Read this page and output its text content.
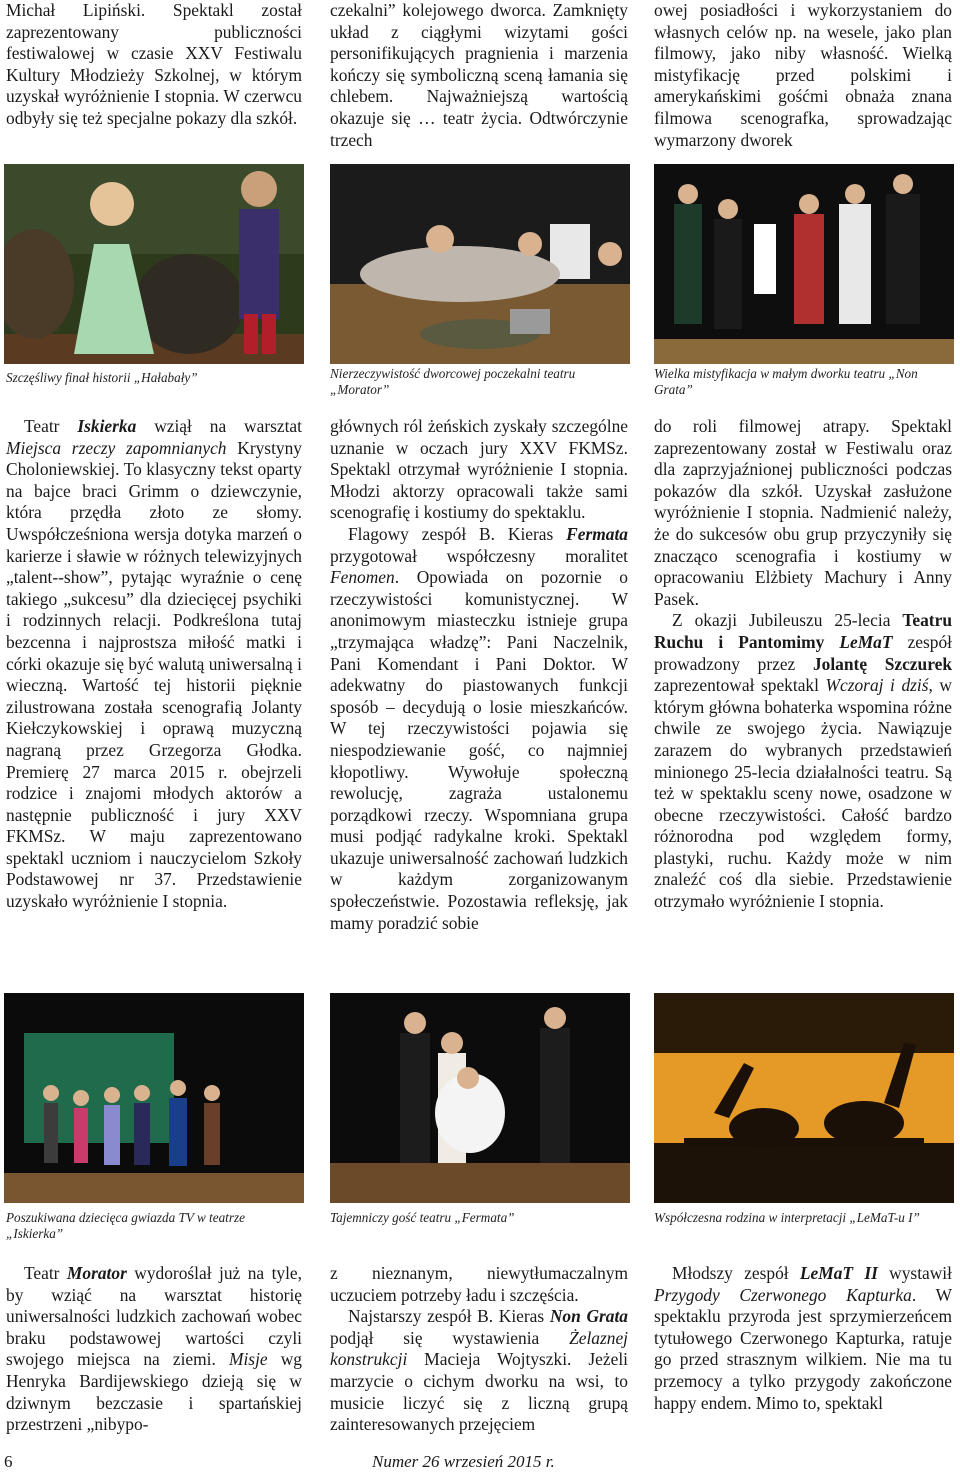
Michał Lipiński. Spektakl został zaprezentowany publiczności festiwalowej w czasie XXV Festiwalu Kultury Młodzieży Szkolnej, w którym uzyskał wyróżnienie I stopnia. W czerwcu odbyły się też specjalne pokazy dla szkół.

czekalni” kolejowego dworca. Zamknięty układ z ciągłymi wizytami gości personifikujących pragnienia i marzenia kończy się symboliczną sceną łamania się chlebem. Najważniejszą wartością okazuje się … teatr życia. Odtwórczynie trzech

owej posiadłości i wykorzystaniem do własnych celów np. na wesele, jako plan filmowy, jako niby własność. Wielką mistyfikację przed polskimi i amerykańskimi gośćmi obnaża znana filmowa scenografka, sprowadzając wymarzony dworek

Szczęśliwy finał historii „Hałabały”	Nierzeczywistość dworcowej poczekalni teatru „Morator”
Wielka mistyfikacja w małym dworku teatru „Non Grata”

Teatr Iskierka wziął na warsztat Miejsca rzeczy zapomnianych Krystyny Choloniewskiej. To klasyczny tekst oparty na bajce braci Grimm o dziewczynie, która przędła złoto ze słomy. Uwspółcześniona wersja dotyka marzeń o karierze i sławie w różnych telewizyjnych „talent--show”, pytając wyraźnie o cenę takiego „sukcesu” dla dziecięcej psychiki i rodzinnych relacji. Podkreślona tutaj bezcenna i najprostsza miłość matki i córki okazuje się być walutą uniwersalną i wieczną. Wartość tej historii pięknie zilustrowana została scenografią Jolanty Kiełczykowskiej i oprawą muzyczną nagraną przez Grzegorza Głodka. Premierę 27 marca 2015 r. obejrzeli rodzice i znajomi młodych aktorów a następnie publiczność i jury XXV FKMSz. W maju zaprezentowano spektakl uczniom i nauczycielom Szkoły Podstawowej nr 37. Przedstawienie uzyskało wyróżnienie I stopnia.

głównych ról żeńskich zyskały szczególne uznanie w oczach jury XXV FKMSz. Spektakl otrzymał wyróżnienie I stopnia. Młodzi aktorzy opracowali także sami scenografię i kostiumy do spektaklu.

Flagowy zespół B. Kieras Fermata przygotował współczesny moralitet Fenomen. Opowiada on pozornie o rzeczywistości komunistycznej. W anonimowym miasteczku istnieje grupa „trzymająca władzę”: Pani Naczelnik, Pani Komendant i Pani Doktor. W adekwatny do piastowanych funkcji sposób – decydują o losie mieszkańców. W tej rzeczywistości pojawia się niespodziewanie gość, co najmniej kłopotliwy. Wywołuje społeczną rewolucję, zagraża ustalonemu porządkowi rzeczy. Wspomniana grupa musi podjąć radykalne kroki. Spektakl ukazuje uniwersalność zachowań ludzkich w każdym zorganizowanym społeczeństwie. Pozostawia refleksję, jak mamy poradzić sobie

do roli filmowej atrapy. Spektakl zaprezentowany został w Festiwalu oraz dla zaprzyjaźnionej publiczności podczas pokazów dla szkół. Uzyskał zasłużone wyróżnienie I stopnia. Nadmienić należy, że do sukcesów obu grup przyczyniły się znacząco scenografia i kostiumy w opracowaniu Elżbiety Machury i Anny Pasek.

Z okazji Jubileuszu 25-lecia Teatru Ruchu i Pantomimy LeMaT zespół prowadzony przez Jolantę Szczurek zaprezentował spektakl Wczoraj i dziś, w którym główna bohaterka wspomina różne chwile ze swojego życia. Nawiązuje zarazem do wybranych przedstawień minionego 25-lecia działalności teatru. Są też w spektaklu sceny nowe, osadzone w obecne rzeczywistości. Całość bardzo różnorodna pod względem formy, plastyki, ruchu. Każdy może w nim znaleźć coś dla siebie. Przedstawienie otrzymało wyróżnienie I stopnia.

Poszukiwana dziecięca gwiazda TV w teatrze „Iskierka”
Tajemniczy gość teatru „Fermata”	Współczesna rodzina w interpretacji „LeMaT-u I”

Teatr Morator wydoroślał już na tyle, by wziąć na warsztat historię uniwersalności ludzkich zachowań wobec braku podstawowej wartości czyli swojego miejsca na ziemi. Misje wg Henryka Bardijewskiego dzieją się w dziwnym bezczasie i spartańskiej przestrzeni „nibypo-

z nieznanym, niewytłumaczalnym uczuciem potrzeby ładu i szczęścia.

Najstarszy zespół B. Kieras Non Grata podjął się wystawienia Żelaznej konstrukcji Macieja Wojtyszki. Jeżeli marzycie o cichym dworku na wsi, to musicie liczyć się z liczną grupą zainteresowanych przejęciem

Młodszy zespół LeMaT II wystawił Przygody Czerwonego Kapturka. W spektaklu przyroda jest sprzymierzeńcem tytułowego Czerwonego Kapturka, ratuje go przed strasznym wilkiem. Nie ma tu przemocy a tylko przygody zakończone happy endem. Mimo to, spektakl

6	Numer 26 wrzesień 2015 r.
